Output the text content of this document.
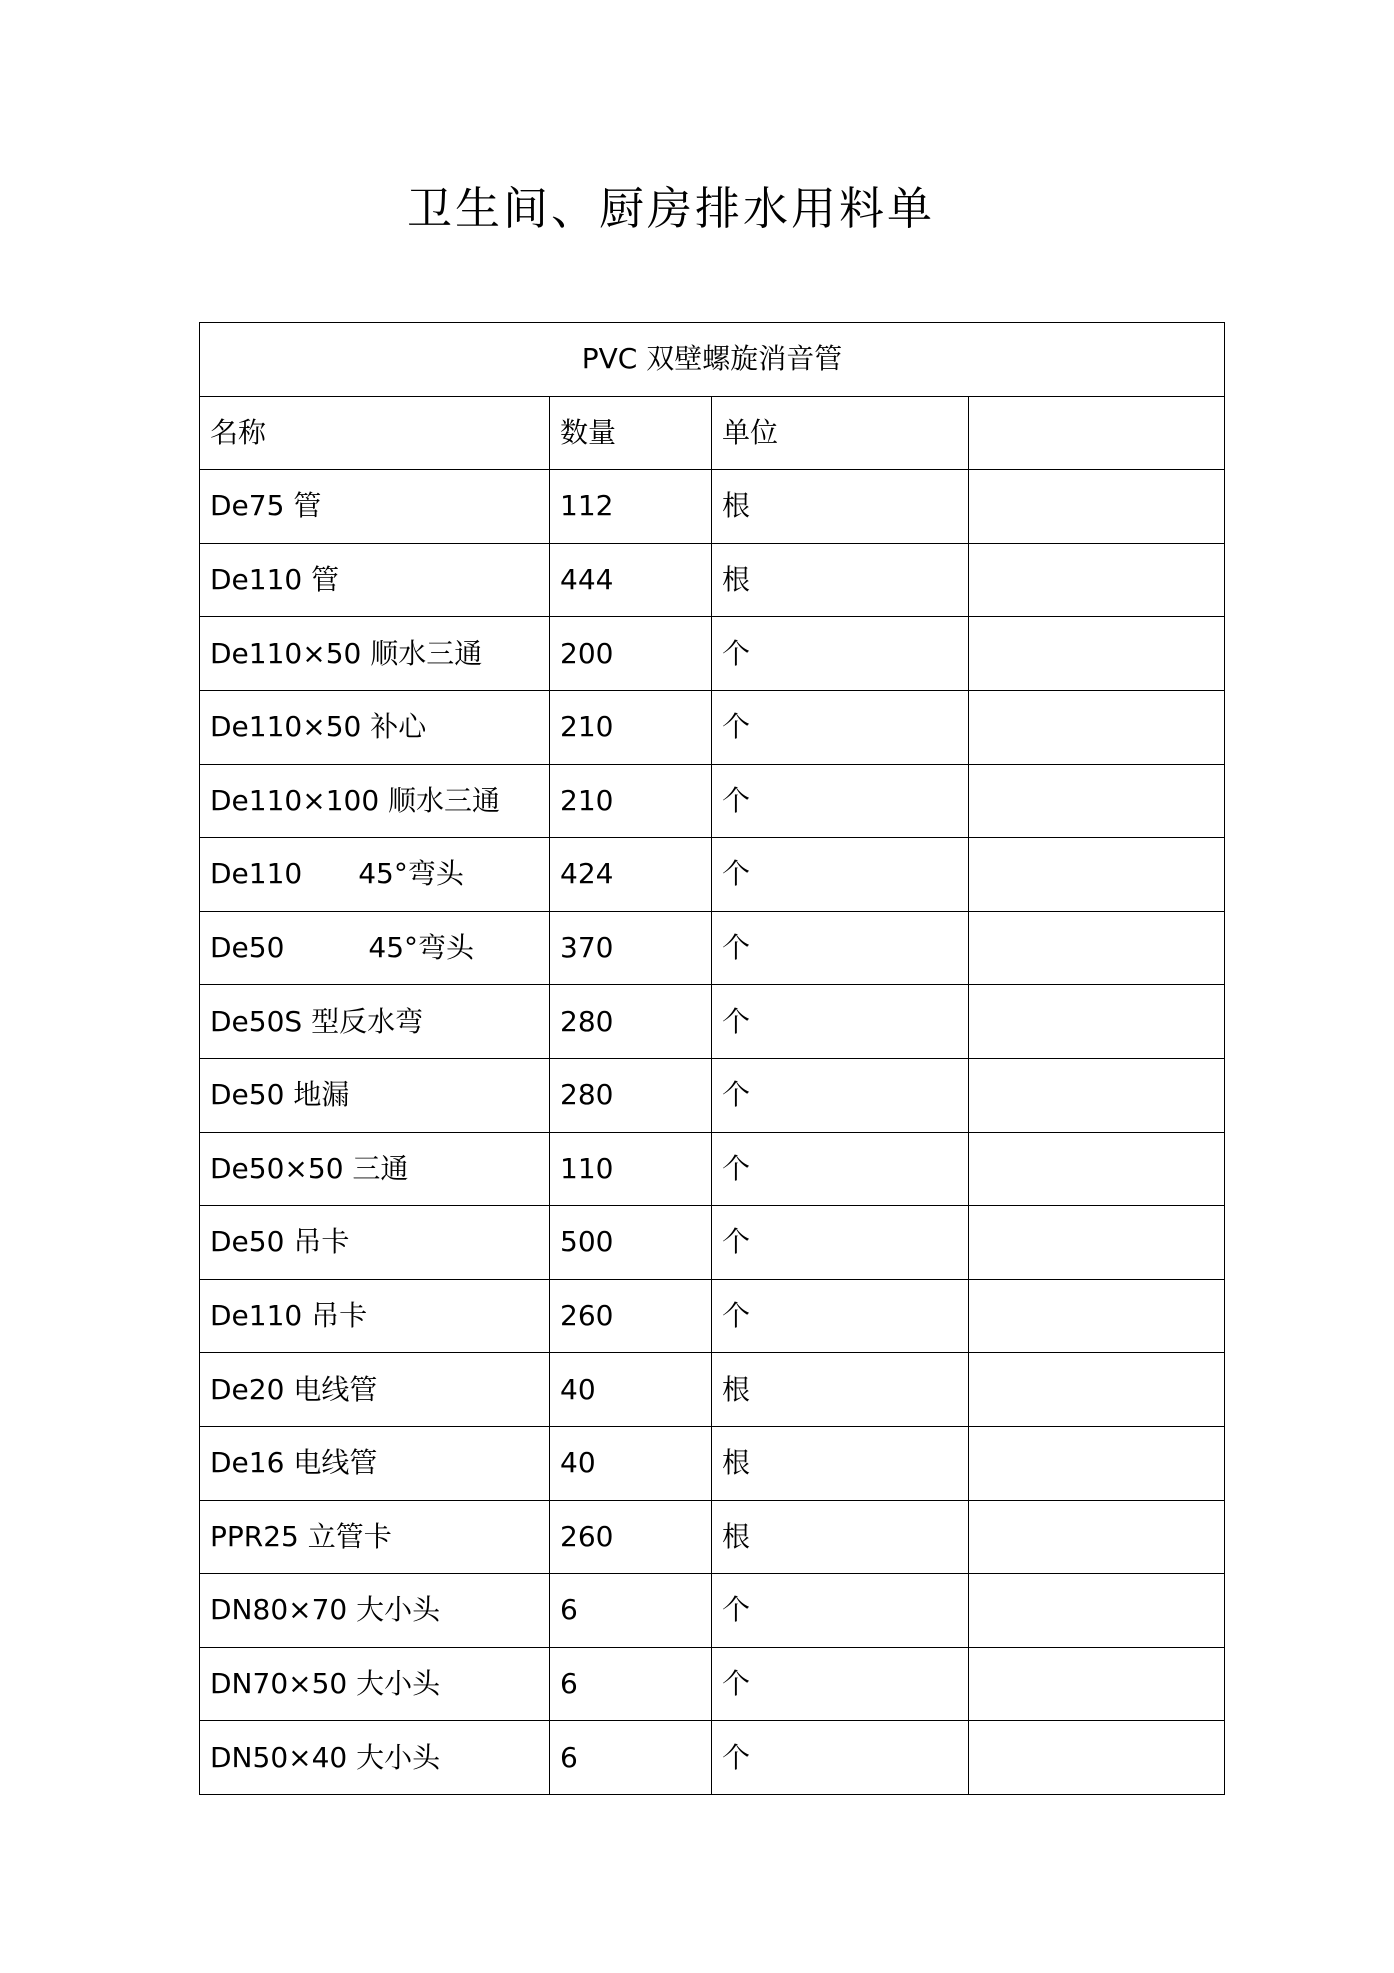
卫生间、厨房排水用料单
PVC 双壁螺旋消音管			
名称	数量	单位	
De75 管	112	根	
De110 管	444	根	
De110×50 顺水三通	200	个	
De110×50 补心	210	个	
De110×100 顺水三通	210	个	
De110　　45°弯头	424	个	
De50　　　45°弯头	370	个	
De50S 型反水弯	280	个	
De50 地漏	280	个	
De50×50 三通	110	个	
De50 吊卡	500	个	
De110 吊卡	260	个	
De20 电线管	40	根	
De16 电线管	40	根	
PPR25 立管卡	260	根	
DN80×70 大小头	6	个	
DN70×50 大小头	6	个	
DN50×40 大小头	6	个	
